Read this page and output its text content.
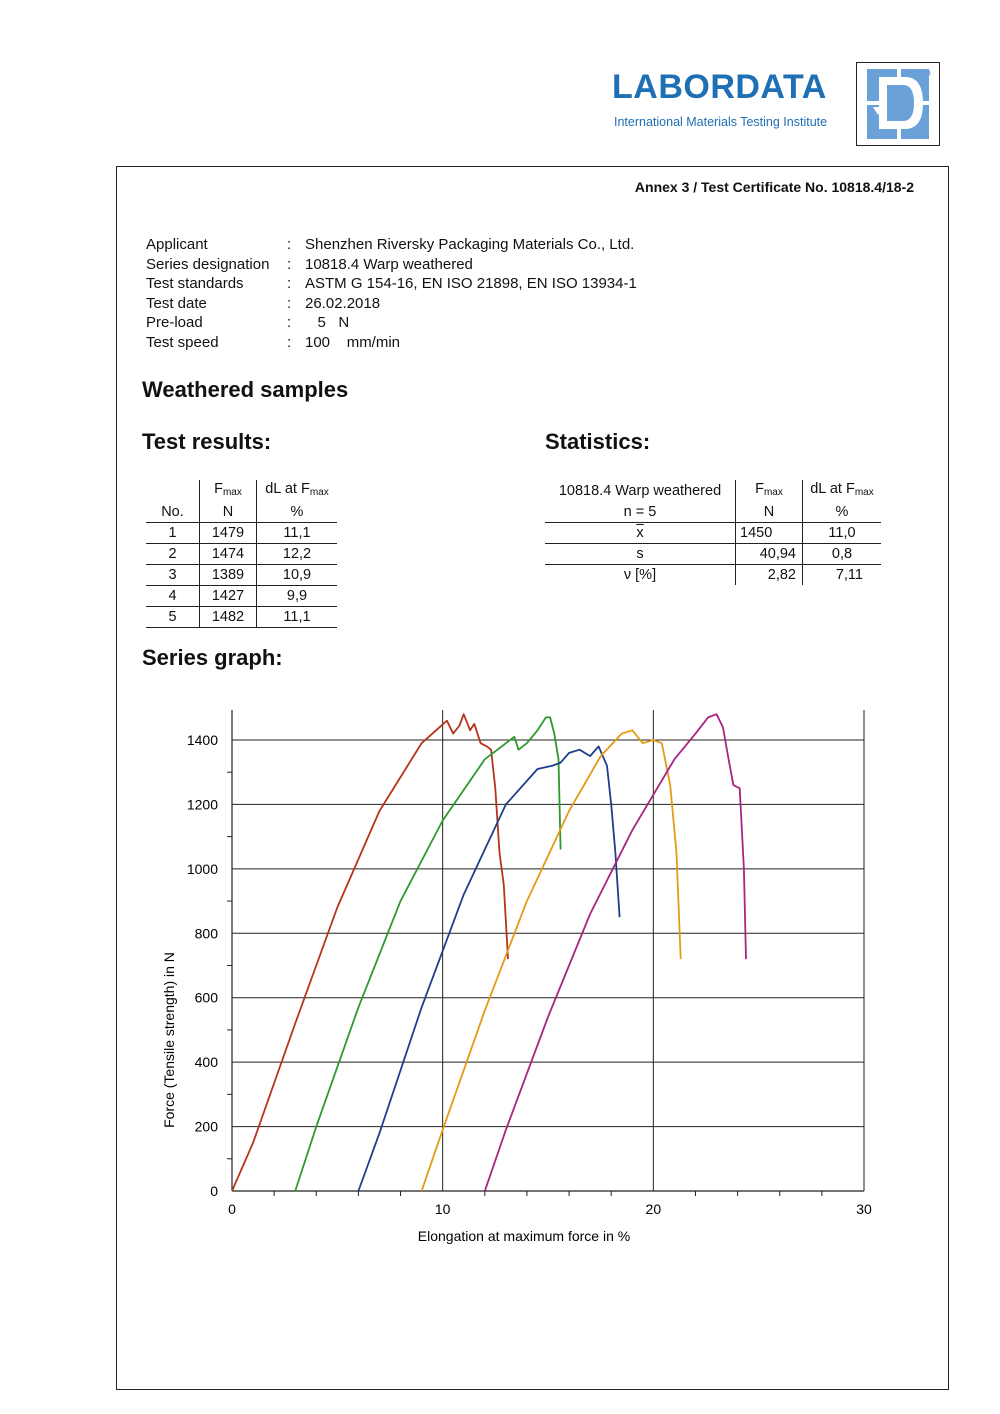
LABORDATA
International Materials Testing Institute
Annex 3 / Test Certificate No. 10818.4/18-2
Applicant	: Shenzhen Riversky Packaging Materials Co., Ltd.
Series designation	: 10818.4 Warp weathered
Test standards	: ASTM G 154-16, EN ISO 21898, EN ISO 13934-1
Test date	: 26.02.2018
Pre-load	: 5   N
Test speed	: 100    mm/min
Weathered samples
Test results:	Statistics:
Series graph:
	$F_{max}$	dL at $F_{max}$
No.	N	%
1	1479	11,1
2	1474	12,2
3	1389	10,9
4	1427	9,9
5	1482	11,1
10818.4 Warp weathered	$F_{max}$	dL at $F_{max}$
n = 5	N	%
$\overline{x}$	1450	11,0
s	40,94	0,8
ν [%]	2,82	7,11
0
200
400
600
800
1000
1200
1400
0	10	20	30
Elongation at maximum force in %
Force (Tensile strength) in N
